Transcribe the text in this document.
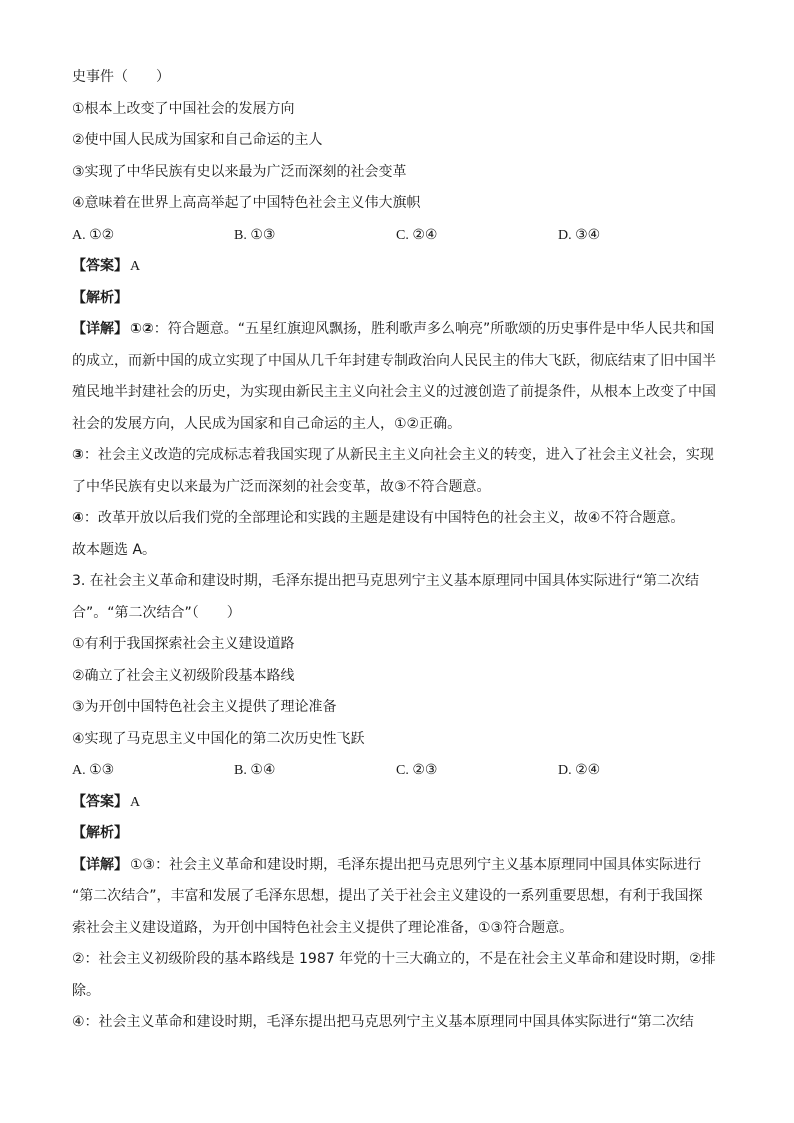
史事件（　　）
①根本上改变了中国社会的发展方向
②使中国人民成为国家和自己命运的主人
③实现了中华民族有史以来最为广泛而深刻的社会变革
④意味着在世界上高高举起了中国特色社会主义伟大旗帜
A. ①②	B. ①③	C. ②④	D. ③④
【答案】 A
【解析】
【详解】 ①②：符合题意。“五星红旗迎风飘扬，胜利歌声多么响亮”所歌颂的历史事件是中华人民共和国
的成立，而新中国的成立实现了中国从几千年封建专制政治向人民民主的伟大飞跃，彻底结束了旧中国半
殖民地半封建社会的历史，为实现由新民主主义向社会主义的过渡创造了前提条件，从根本上改变了中国
社会的发展方向，人民成为国家和自己命运的主人，①②正确。
③：社会主义改造的完成标志着我国实现了从新民主主义向社会主义的转变，进入了社会主义社会，实现
了中华民族有史以来最为广泛而深刻的社会变革，故③不符合题意。
④：改革开放以后我们党的全部理论和实践的主题是建设有中国特色的社会主义，故④不符合题意。
故本题选 A。
3. 在社会主义革命和建设时期，毛泽东提出把马克思列宁主义基本原理同中国具体实际进行“第二次结
合”。“第二次结合”（　　）
①有利于我国探索社会主义建设道路
②确立了社会主义初级阶段基本路线
③为开创中国特色社会主义提供了理论准备
④实现了马克思主义中国化的第二次历史性飞跃
A. ①③	B. ①④	C. ②③	D. ②④
【答案】 A
【解析】
【详解】 ①③：社会主义革命和建设时期，毛泽东提出把马克思列宁主义基本原理同中国具体实际进行
“第二次结合”，丰富和发展了毛泽东思想，提出了关于社会主义建设的一系列重要思想，有利于我国探
索社会主义建设道路，为开创中国特色社会主义提供了理论准备，①③符合题意。
②：社会主义初级阶段的基本路线是 1987 年党的十三大确立的，不是在社会主义革命和建设时期，②排
除。
④：社会主义革命和建设时期，毛泽东提出把马克思列宁主义基本原理同中国具体实际进行“第二次结
